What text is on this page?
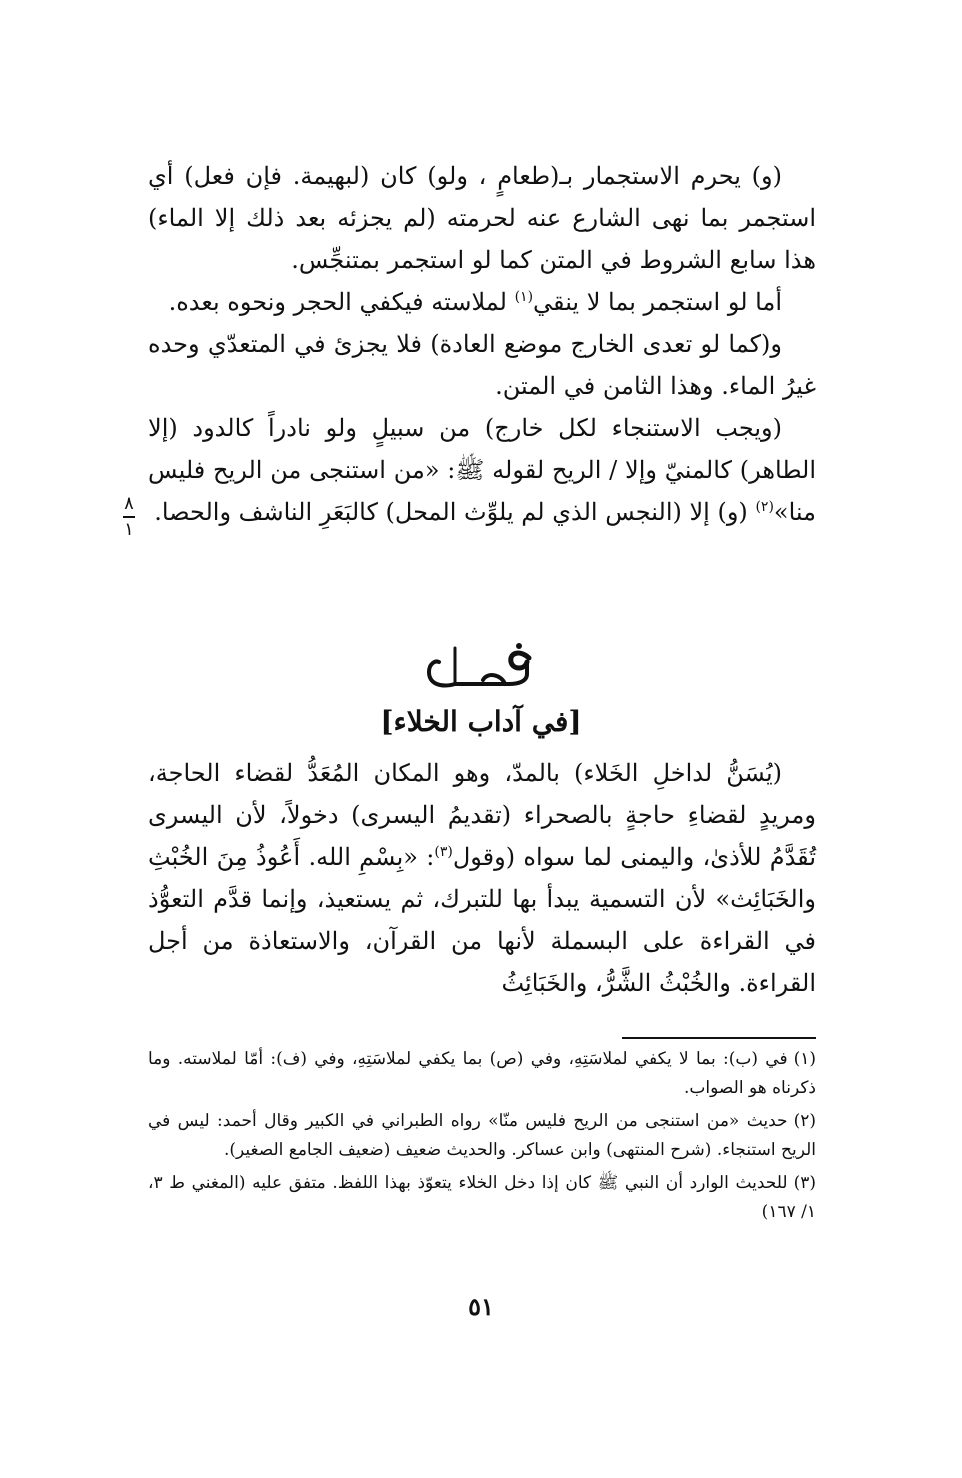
(و) يحرم الاستجمار بـ(طعامٍ ، ولو) كان (لبهيمة. فإن فعل) أي استجمر بما نهى الشارع عنه لحرمته (لم يجزئه بعد ذلك إلا الماء) هذا سابع الشروط في المتن كما لو استجمر بمتنجِّس.

أما لو استجمر بما لا ينقي$^{(١)}$ لملاسته فيكفي الحجر ونحوه بعده.

و(كما لو تعدى الخارج موضع العادة) فلا يجزئ في المتعدّي وحده غيرُ الماء. وهذا الثامن في المتن.

(ويجب الاستنجاء لكل خارج) من سبيلٍ ولو نادراً كالدود (إلا الطاهر) كالمنيّ وإلا / الريح لقوله ﷺ: «من استنجى من الريح فليس منا»$^{(٢)}$ (و) إلا (النجس الذي لم يلوِّث المحل) كالبَعَرِ الناشف والحصا.

٨
١
[في آداب الخلاء]

(يُسَنُّ لداخلِ الخَلاء) بالمدّ، وهو المكان المُعَدُّ لقضاء الحاجة، ومريدٍ لقضاءِ حاجةٍ بالصحراء (تقديمُ اليسرى) دخولاً، لأن اليسرى تُقَدَّمُ للأذىٰ، واليمنى لما سواه (وقول$^{(٣)}$: «بِسْمِ الله. أَعُوذُ مِنَ الخُبْثِ والخَبَائِث» لأن التسمية يبدأ بها للتبرك، ثم يستعيذ، وإنما قدَّم التعوُّذ في القراءة على البسملة لأنها من القرآن، والاستعاذة من أجل القراءة. والخُبْثُ الشَّرُّ، والخَبَائِثُ

(١)في (ب): بما لا يكفي لملاسَتِهِ، وفي (ص) بما يكفي لملاسَتِهِ، وفي (ف): أمّا لملاسته. وما ذكرناه هو الصواب.

(٢)حديث «من استنجى من الريح فليس منّا» رواه الطبراني في الكبير وقال أحمد: ليس في الريح استنجاء. (شرح المنتهى) وابن عساكر. والحديث ضعيف (ضعيف الجامع الصغير).

(٣)للحديث الوارد أن النبي ﷺ كان إذا دخل الخلاء يتعوّذ بهذا اللفظ. متفق عليه (المغني ط ٣، ١/ ١٦٧)

٥١
